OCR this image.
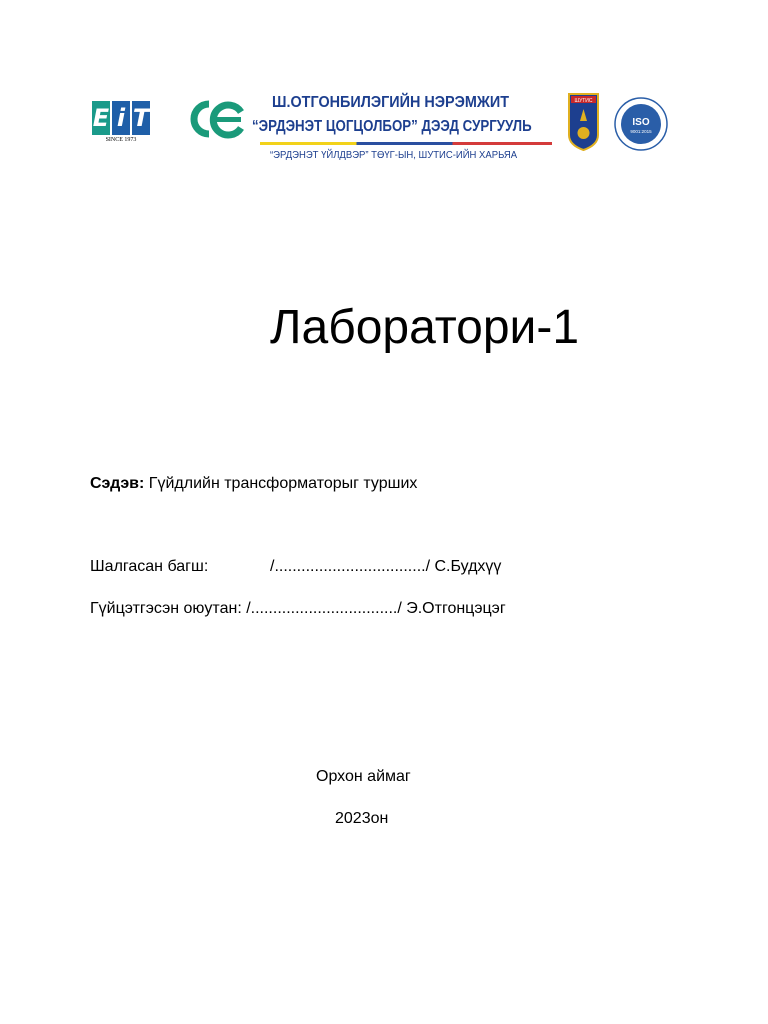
E i T
SINCE 1973
Ш.ОТГОНБИЛЭГИЙН НЭРЭМЖИТ
“ЭРДЭНЭТ ЦОГЦОЛБОР” ДЭЭД СУРГУУЛЬ
“ЭРДЭНЭТ ҮЙЛДВЭР” ТӨҮГ-ЫН, ШУТИС-ИЙН ХАРЬЯА
ШУТИС
ISO
9001:2015
Лаборатори-1
Сэдэв: Гүйдлийн трансформаторыг турших
Шалгасан багш:	/................................../ С.Будхүү
Гүйцэтгэсэн оюутан: /................................./ Э.Отгонцэцэг
Орхон аймаг
2023он
